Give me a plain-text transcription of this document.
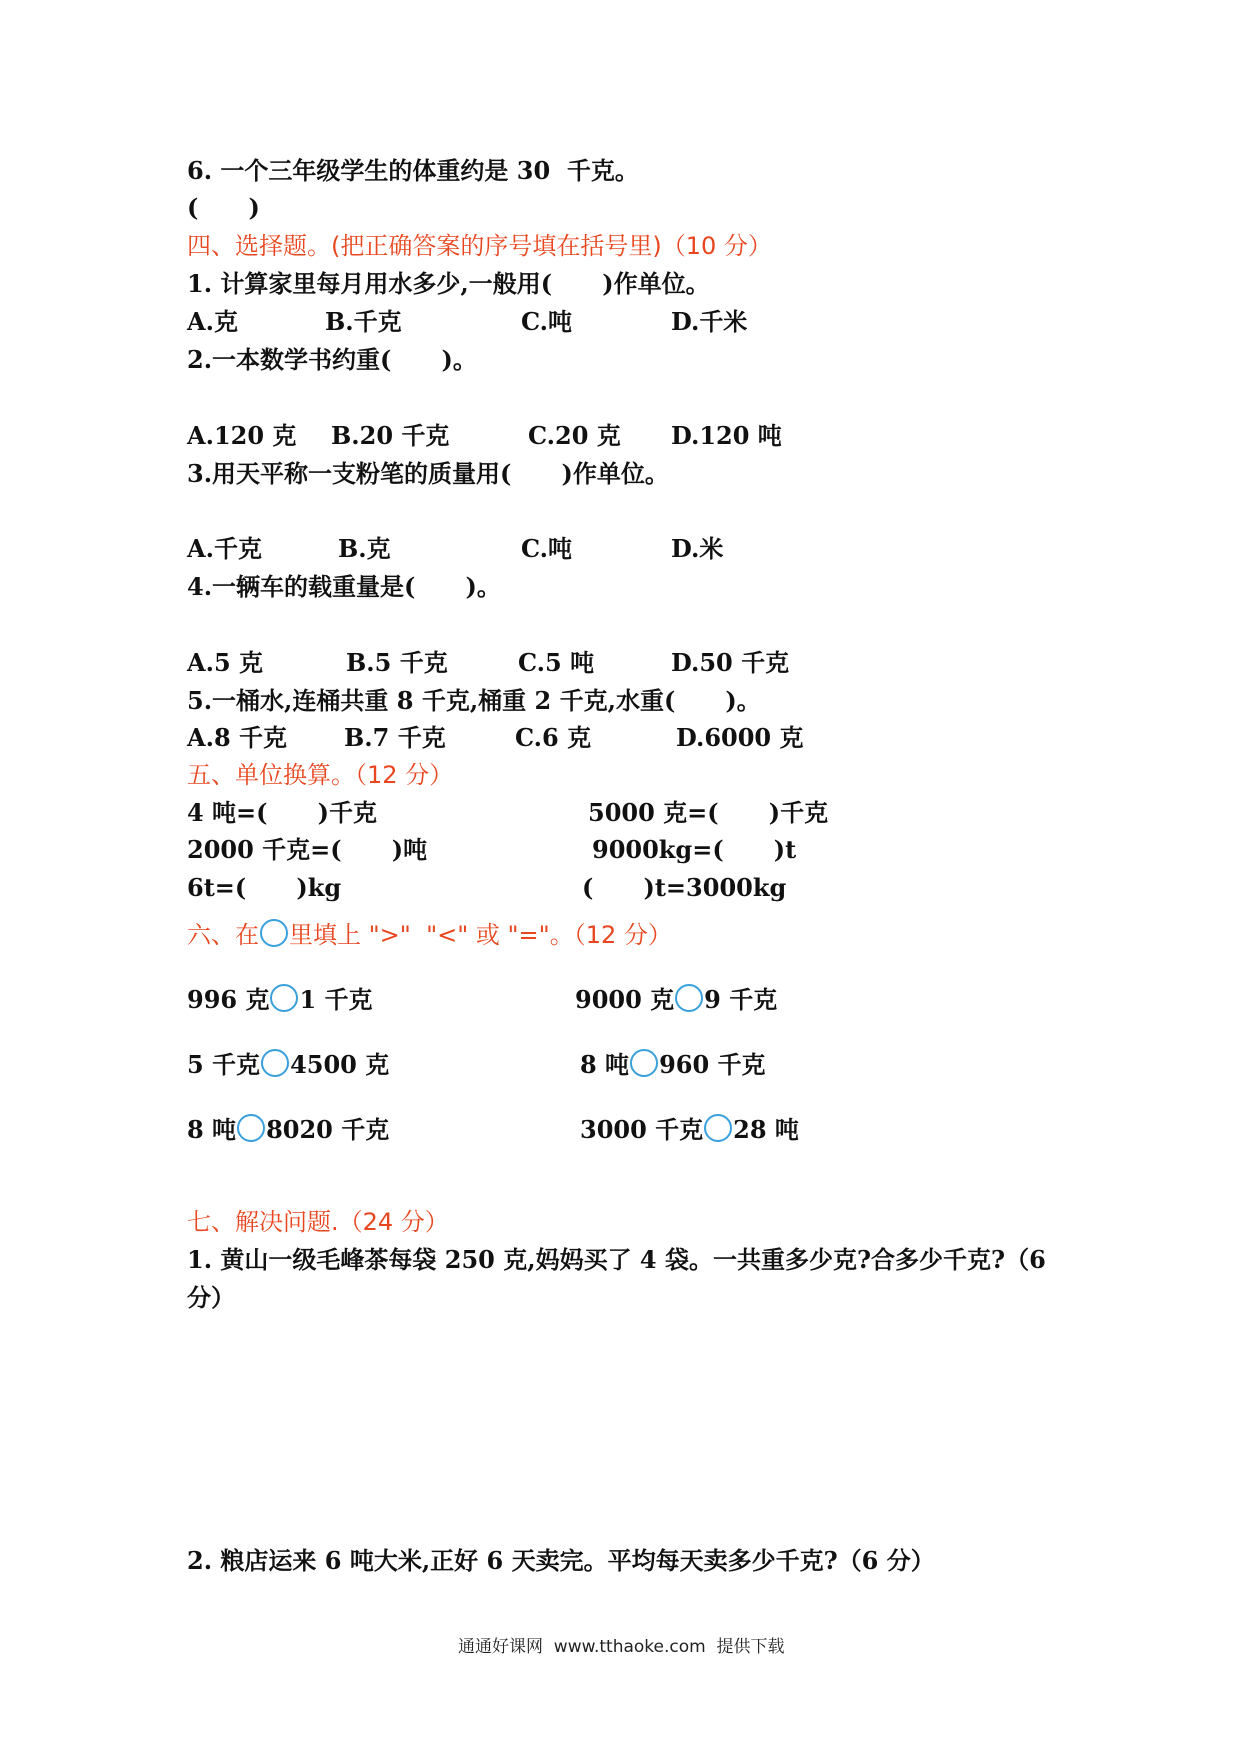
6. 一个三年级学生的体重约是 30  千克。
(      )
四、选择题。(把正确答案的序号填在括号里)（10 分）
1. 计算家里每月用水多少,一般用(      )作单位。
A.克	B.千克	C.吨	D.千米
2.一本数学书约重(      )。
A.120 克 B.20 千克	C.20 克 D.120 吨
3.用天平称一支粉笔的质量用(      )作单位。
A.千克	B.克	C.吨	D.米
4.一辆车的载重量是(      )。
A.5 克	B.5 千克	C.5 吨	D.50 千克
5.一桶水,连桶共重 8 千克,桶重 2 千克,水重(      )。
A.8 千克 B.7 千克	C.6 克	D.6000 克
五、单位换算。（12 分）
4 吨=(      )千克	5000 克=(      )千克
2000 千克=(      )吨	9000kg=(      )t
6t=(      )kg	(      )t=3000kg
六、在 里填上 ">"  "<" 或 "="。（12 分）
996 克 1 千克	9000 克 9 千克
5 千克 4500 克	8 吨 960 千克
8 吨 8020 千克	3000 千克 28 吨
七、解决问题.（24 分）
1. 黄山一级毛峰茶每袋 250 克,妈妈买了 4 袋。一共重多少克?合多少千克?（6
分）
2. 粮店运来 6 吨大米,正好 6 天卖完。平均每天卖多少千克?（6 分）
通通好课网  www.tthaoke.com  提供下载
